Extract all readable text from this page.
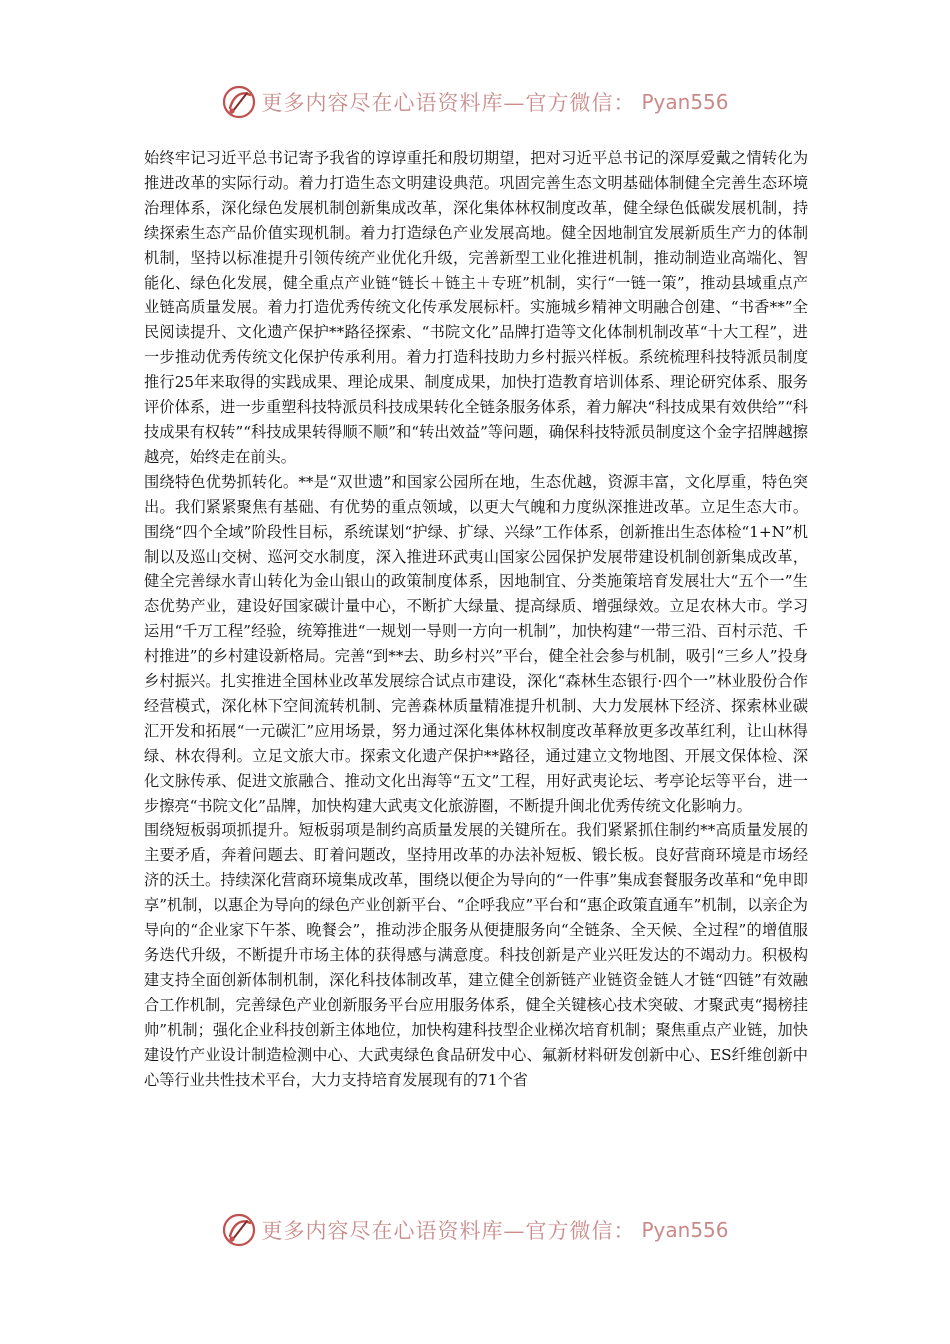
更多内容尽在心语资料库—官方微信： Pyan556

始终牢记习近平总书记寄予我省的谆谆重托和殷切期望，把对习近平总书记的深厚爱戴之情转化为推进改革的实际行动。着力打造生态文明建设典范。巩固完善生态文明基础体制健全完善生态环境治理体系，深化绿色发展机制创新集成改革，深化集体林权制度改革，健全绿色低碳发展机制，持续探索生态产品价值实现机制。着力打造绿色产业发展高地。健全因地制宜发展新质生产力的体制机制，坚持以标准提升引领传统产业优化升级，完善新型工业化推进机制，推动制造业高端化、智能化、绿色化发展，健全重点产业链“链长＋链主＋专班”机制，实行“一链一策”，推动县域重点产业链高质量发展。着力打造优秀传统文化传承发展标杆。实施城乡精神文明融合创建、“书香**”全民阅读提升、文化遗产保护**路径探索、“书院文化”品牌打造等文化体制机制改革“十大工程”，进一步推动优秀传统文化保护传承利用。着力打造科技助力乡村振兴样板。系统梳理科技特派员制度推行25年来取得的实践成果、理论成果、制度成果，加快打造教育培训体系、理论研究体系、服务评价体系，进一步重塑科技特派员科技成果转化全链条服务体系，着力解决“科技成果有效供给”“科技成果有权转”“科技成果转得顺不顺”和“转出效益”等问题，确保科技特派员制度这个金字招牌越擦越亮，始终走在前头。

围绕特色优势抓转化。**是“双世遗”和国家公园所在地，生态优越，资源丰富，文化厚重，特色突出。我们紧紧聚焦有基础、有优势的重点领域，以更大气魄和力度纵深推进改革。立足生态大市。围绕“四个全域”阶段性目标，系统谋划“护绿、扩绿、兴绿”工作体系，创新推出生态体检“1+N”机制以及巡山交树、巡河交水制度，深入推进环武夷山国家公园保护发展带建设机制创新集成改革，健全完善绿水青山转化为金山银山的政策制度体系，因地制宜、分类施策培育发展壮大“五个一”生态优势产业，建设好国家碳计量中心，不断扩大绿量、提高绿质、增强绿效。立足农林大市。学习运用“千万工程”经验，统筹推进“一规划一导则一方向一机制”，加快构建“一带三沿、百村示范、千村推进”的乡村建设新格局。完善“到**去、助乡村兴”平台，健全社会参与机制，吸引“三乡人”投身乡村振兴。扎实推进全国林业改革发展综合试点市建设，深化“森林生态银行·四个一”林业股份合作经营模式，深化林下空间流转机制、完善森林质量精准提升机制、大力发展林下经济、探索林业碳汇开发和拓展“一元碳汇”应用场景，努力通过深化集体林权制度改革释放更多改革红利，让山林得绿、林农得利。立足文旅大市。探索文化遗产保护**路径，通过建立文物地图、开展文保体检、深化文脉传承、促进文旅融合、推动文化出海等“五文”工程，用好武夷论坛、考亭论坛等平台，进一步擦亮“书院文化”品牌，加快构建大武夷文化旅游圈，不断提升闽北优秀传统文化影响力。

围绕短板弱项抓提升。短板弱项是制约高质量发展的关键所在。我们紧紧抓住制约**高质量发展的主要矛盾，奔着问题去、盯着问题改，坚持用改革的办法补短板、锻长板。良好营商环境是市场经济的沃土。持续深化营商环境集成改革，围绕以便企为导向的“一件事”集成套餐服务改革和“免申即享”机制，以惠企为导向的绿色产业创新平台、“企呼我应”平台和“惠企政策直通车”机制，以亲企为导向的“企业家下午茶、晚餐会”，推动涉企服务从便捷服务向“全链条、全天候、全过程”的增值服务迭代升级，不断提升市场主体的获得感与满意度。科技创新是产业兴旺发达的不竭动力。积极构建支持全面创新体制机制，深化科技体制改革，建立健全创新链产业链资金链人才链“四链”有效融合工作机制，完善绿色产业创新服务平台应用服务体系，健全关键核心技术突破、才聚武夷“揭榜挂帅”机制；强化企业科技创新主体地位，加快构建科技型企业梯次培育机制；聚焦重点产业链，加快建设竹产业设计制造检测中心、大武夷绿色食品研发中心、氟新材料研发创新中心、ES纤维创新中心等行业共性技术平台，大力支持培育发展现有的71个省

更多内容尽在心语资料库—官方微信： Pyan556
